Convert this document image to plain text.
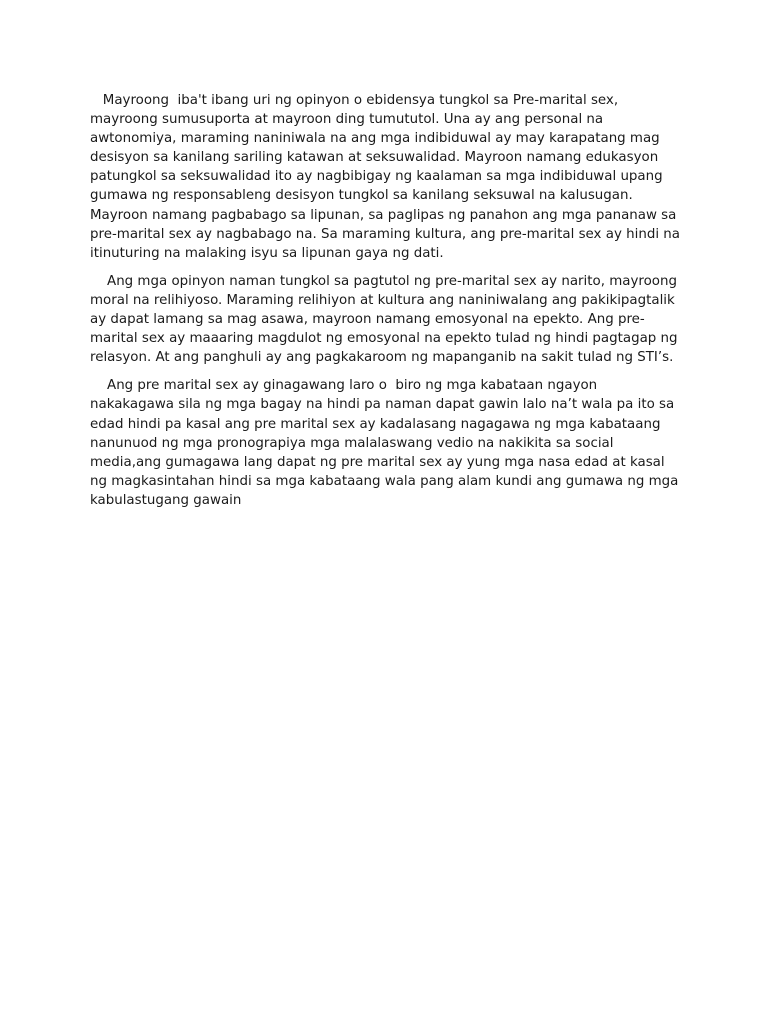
Mayroong  iba't ibang uri ng opinyon o ebidensya tungkol sa Pre-marital sex, mayroong sumusuporta at mayroon ding tumututol. Una ay ang personal na awtonomiya, maraming naniniwala na ang mga indibiduwal ay may karapatang mag desisyon sa kanilang sariling katawan at seksuwalidad. Mayroon namang edukasyon patungkol sa seksuwalidad ito ay nagbibigay ng kaalaman sa mga indibiduwal upang gumawa ng responsableng desisyon tungkol sa kanilang seksuwal na kalusugan. Mayroon namang pagbabago sa lipunan, sa paglipas ng panahon ang mga pananaw sa pre-marital sex ay nagbabago na. Sa maraming kultura, ang pre-marital sex ay hindi na itinuturing na malaking isyu sa lipunan gaya ng dati.

Ang mga opinyon naman tungkol sa pagtutol ng pre-marital sex ay narito, mayroong moral na relihiyoso. Maraming relihiyon at kultura ang naniniwalang ang pakikipagtalik ay dapat lamang sa mag asawa, mayroon namang emosyonal na epekto. Ang pre-marital sex ay maaaring magdulot ng emosyonal na epekto tulad ng hindi pagtagap ng relasyon. At ang panghuli ay ang pagkakaroom ng mapanganib na sakit tulad ng STI’s.

Ang pre marital sex ay ginagawang laro o  biro ng mga kabataan ngayon nakakagawa sila ng mga bagay na hindi pa naman dapat gawin lalo na’t wala pa ito sa edad hindi pa kasal ang pre marital sex ay kadalasang nagagawa ng mga kabataang nanunuod ng mga pronograpiya mga malalaswang vedio na nakikita sa social media,ang gumagawa lang dapat ng pre marital sex ay yung mga nasa edad at kasal ng magkasintahan hindi sa mga kabataang wala pang alam kundi ang gumawa ng mga kabulastugang gawain
